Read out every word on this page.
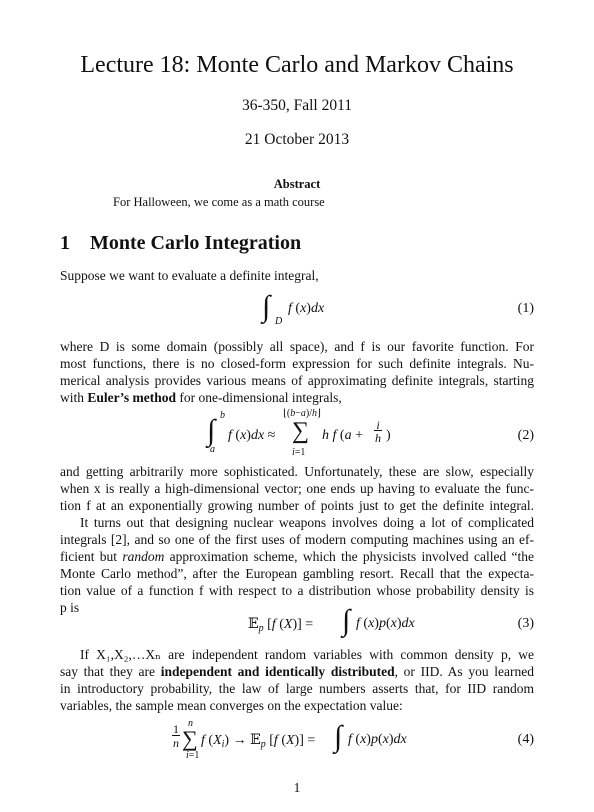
Lecture 18: Monte Carlo and Markov Chains
36-350, Fall 2011
21 October 2013
Abstract
For Halloween, we come as a math course
1 Monte Carlo Integration
Suppose we want to evaluate a definite integral,
∫ D
f (x)dx	(1)
where D is some domain (possibly all space), and f is our favorite function. For
most functions, there is no closed-form expression for such definite integrals. Nu-
merical analysis provides various means of approximating definite integrals, starting
with Euler’s method for one-dimensional integrals,
∫ b
a
f (x)dx ≈
⌊(b−a)/h⌋
∑
i=1
h f (a +
i
h )	(2)
and getting arbitrarily more sophisticated. Unfortunately, these are slow, especially
when x is really a high-dimensional vector; one ends up having to evaluate the func-
tion f at an exponentially growing number of points just to get the definite integral.
It turns out that designing nuclear weapons involves doing a lot of complicated
integrals [2], and so one of the first uses of modern computing machines using an ef-
ficient but random approximation scheme, which the physicists involved called “the
Monte Carlo method”, after the European gambling resort. Recall that the expecta-
tion value of a function f with respect to a distribution whose probability density is
p is
𝔼$_p$ [f (X)] = ∫ f (x)p(x)dx	(3)
If X₁,X₂,…Xₙ are independent random variables with common density p, we
say that they are independent and identically distributed, or IID. As you learned
in introductory probability, the law of large numbers asserts that, for IID random
variables, the sample mean converges on the expectation value:
1
n
n
∑
i=1
f $(X_i)$ → 𝔼$_p$ [f (X)] = ∫ f (x)p(x)dx	(4)
1
